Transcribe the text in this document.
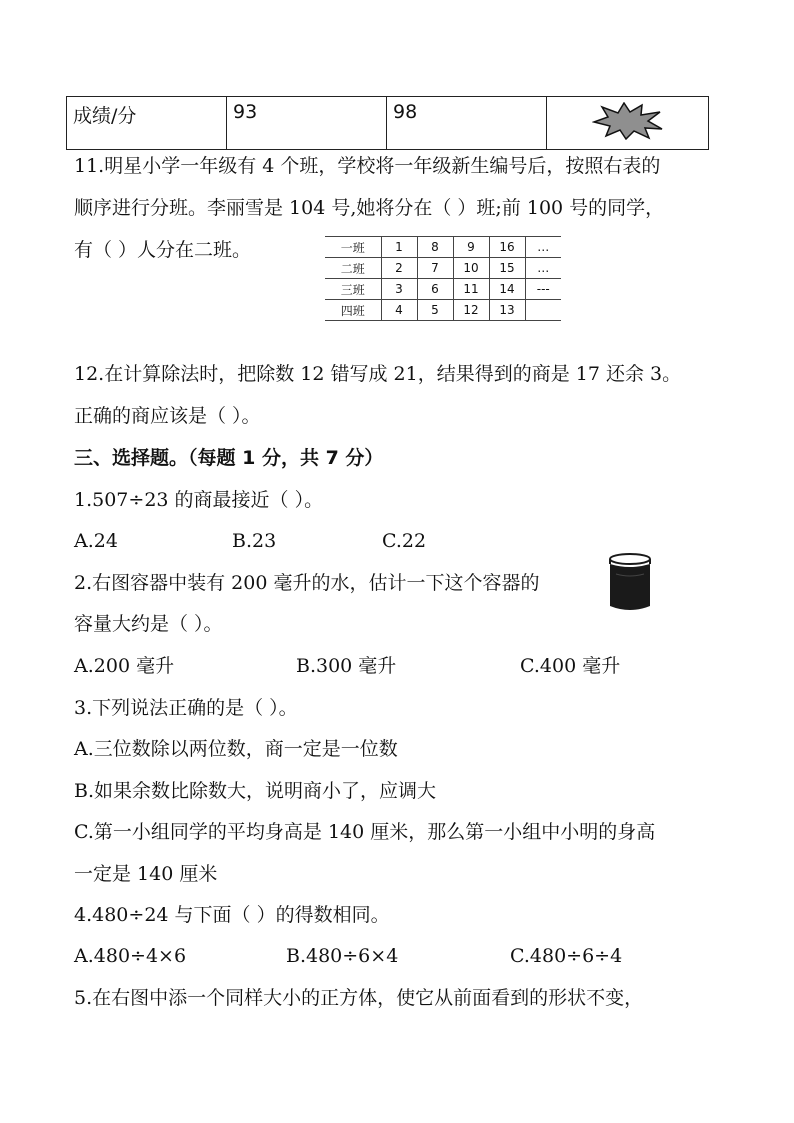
成绩/分	93	98	
11.明星小学一年级有 4 个班，学校将一年级新生编号后，按照右表的
顺序进行分班。李丽雪是 104 号,她将分在（ ）班;前 100 号的同学，
有（ ）人分在二班。	一班	1	8	9	16	…
二班	2	7	10	15	…
三班	3	6	11	14	---
四班	4	5	12	13	
12.在计算除法时，把除数 12 错写成 21，结果得到的商是 17 还余 3。
正确的商应该是（ ）。
三、选择题。（每题 1 分，共 7 分）
1.507÷23 的商最接近（ ）。
A.24	B.23	C.22
2.右图容器中装有 200 毫升的水，估计一下这个容器的
容量大约是（ ）。
A.200 毫升	B.300 毫升	C.400 毫升
3.下列说法正确的是（ ）。
A.三位数除以两位数，商一定是一位数
B.如果余数比除数大，说明商小了，应调大
C.第一小组同学的平均身高是 140 厘米，那么第一小组中小明的身高
一定是 140 厘米
4.480÷24 与下面（ ）的得数相同。
A.480÷4×6	B.480÷6×4	C.480÷6÷4
5.在右图中添一个同样大小的正方体，使它从前面看到的形状不变，
